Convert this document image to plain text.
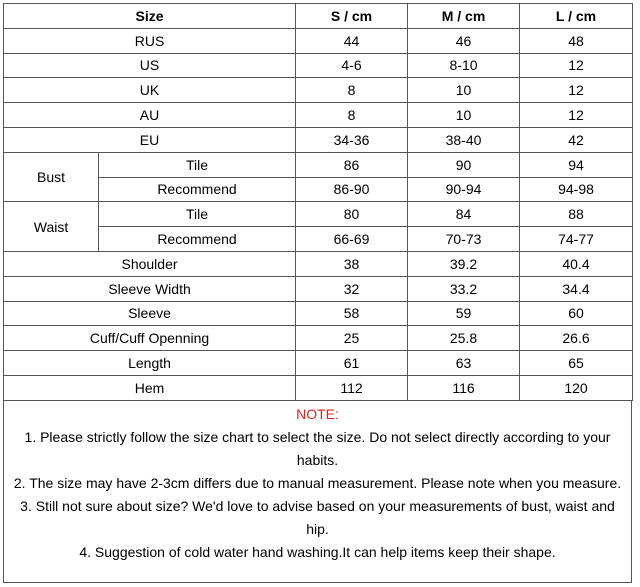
Size		S / cm	M / cm	L / cm
RUS		44	46	48
US		4-6	8-10	12
UK		8	10	12
AU		8	10	12
EU		34-36	38-40	42
Bust	Tile	86	90	94
	Recommend	86-90	90-94	94-98
Waist	Tile	80	84	88
	Recommend	66-69	70-73	74-77
Shoulder		38	39.2	40.4
Sleeve Width		32	33.2	34.4
Sleeve		58	59	60
Cuff/Cuff Openning		25	25.8	26.6
Length		61	63	65
Hem		112	116	120

NOTE:

1. Please strictly follow the size chart to select the size. Do not select directly according to your habits.

2. The size may have 2-3cm differs due to manual measurement. Please note when you measure.

3. Still not sure about size? We'd love to advise based on your measurements of bust, waist and hip.

4. Suggestion of cold water hand washing.It can help items keep their shape.
